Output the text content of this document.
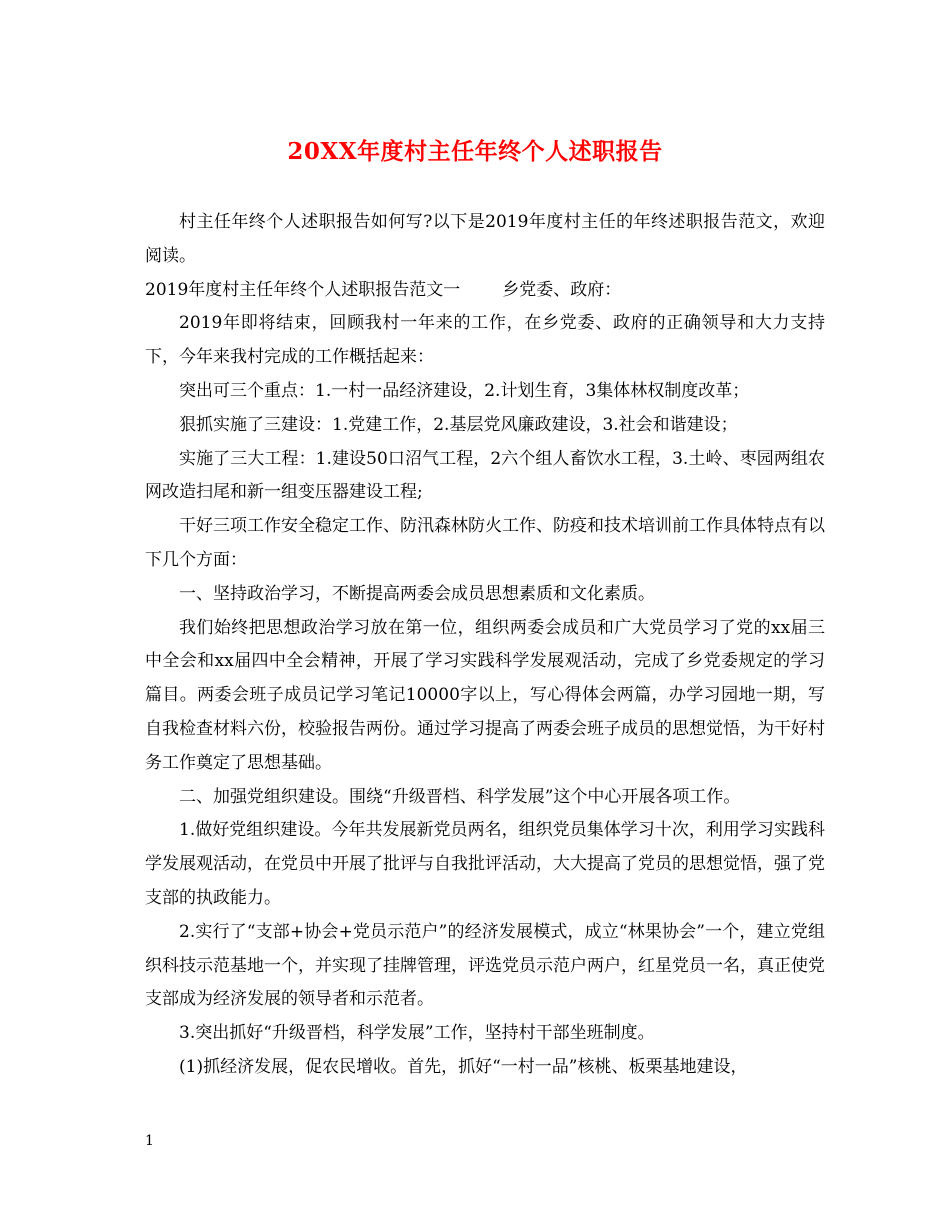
20XX年度村主任年终个人述职报告

村主任年终个人述职报告如何写?以下是2019年度村主任的年终述职报告范文，欢迎阅读。

2019年度村主任年终个人述职报告范文一 乡党委、政府：

2019年即将结束，回顾我村一年来的工作，在乡党委、政府的正确领导和大力支持下，今年来我村完成的工作概括起来：

突出可三个重点：1.一村一品经济建设，2.计划生育，3集体林权制度改革；

狠抓实施了三建设：1.党建工作，2.基层党风廉政建设，3.社会和谐建设；

实施了三大工程：1.建设50口沼气工程，2六个组人畜饮水工程，3.土岭、枣园两组农网改造扫尾和新一组变压器建设工程;

干好三项工作安全稳定工作、防汛森林防火工作、防疫和技术培训前工作具体特点有以下几个方面：

一、坚持政治学习，不断提高两委会成员思想素质和文化素质。

我们始终把思想政治学习放在第一位，组织两委会成员和广大党员学习了党的xx届三中全会和xx届四中全会精神，开展了学习实践科学发展观活动，完成了乡党委规定的学习篇目。两委会班子成员记学习笔记10000字以上，写心得体会两篇，办学习园地一期，写自我检查材料六份，校验报告两份。通过学习提高了两委会班子成员的思想觉悟，为干好村务工作奠定了思想基础。

二、加强党组织建设。围绕“升级晋档、科学发展”这个中心开展各项工作。

1.做好党组织建设。今年共发展新党员两名，组织党员集体学习十次，利用学习实践科学发展观活动，在党员中开展了批评与自我批评活动，大大提高了党员的思想觉悟，强了党支部的执政能力。

2.实行了“支部+协会+党员示范户”的经济发展模式，成立“林果协会”一个，建立党组织科技示范基地一个，并实现了挂牌管理，评选党员示范户两户，红星党员一名，真正使党支部成为经济发展的领导者和示范者。

3.突出抓好“升级晋档，科学发展”工作，坚持村干部坐班制度。

(1)抓经济发展，促农民增收。首先，抓好“一村一品”核桃、板栗基地建设，

1
